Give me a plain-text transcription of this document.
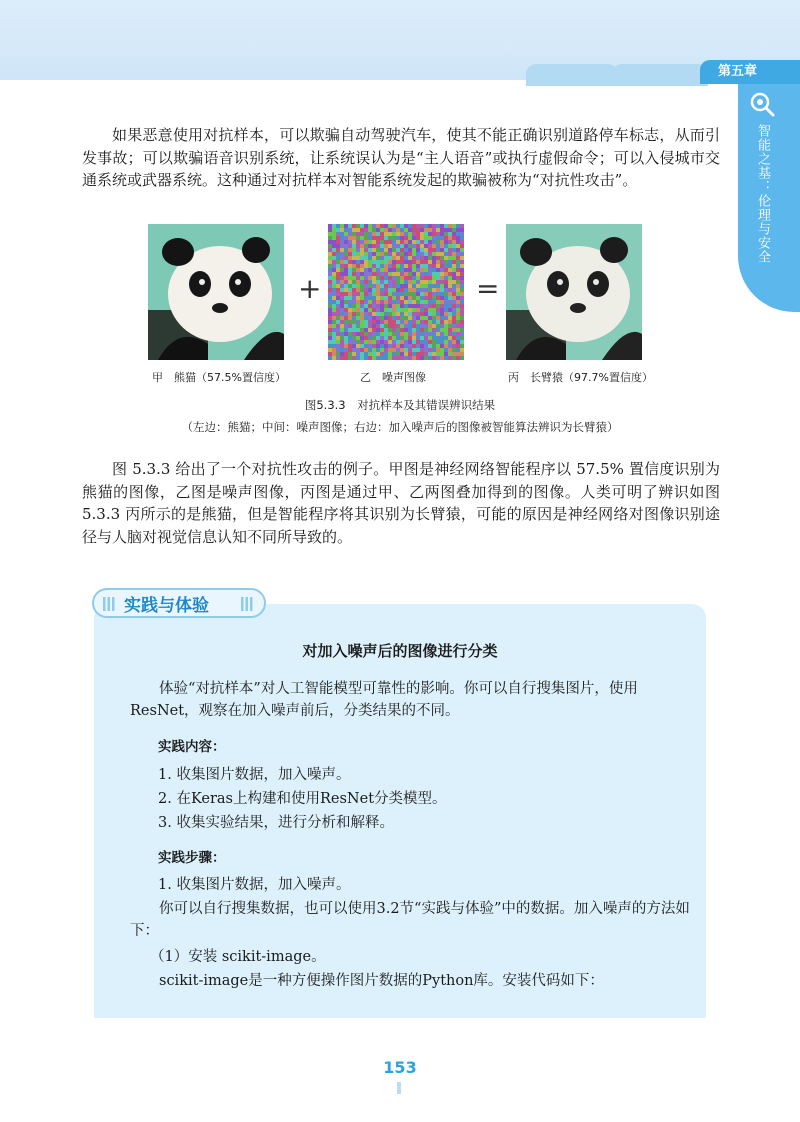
第五章
智能之基：伦理与安全

如果恶意使用对抗样本，可以欺骗自动驾驶汽车，使其不能正确识别道路停车标志，从而引发事故；可以欺骗语音识别系统，让系统误认为是“主人语音”或执行虚假命令；可以入侵城市交通系统或武器系统。这种通过对抗样本对智能系统发起的欺骗被称为“对抗性攻击”。

+	=
甲　熊猫（57.5%置信度）	乙　噪声图像	丙　长臂猿（97.7%置信度）
图5.3.3　对抗样本及其错误辨识结果
（左边：熊猫；中间：噪声图像；右边：加入噪声后的图像被智能算法辨识为长臂猿）

图 5.3.3 给出了一个对抗性攻击的例子。甲图是神经网络智能程序以 57.5% 置信度识别为熊猫的图像，乙图是噪声图像，丙图是通过甲、乙两图叠加得到的图像。人类可明了辨识如图 5.3.3 丙所示的是熊猫，但是智能程序将其识别为长臂猿，可能的原因是神经网络对图像识别途径与人脑对视觉信息认知不同所导致的。

实践与体验
对加入噪声后的图像进行分类

体验“对抗样本”对人工智能模型可靠性的影响。你可以自行搜集图片，使用ResNet，观察在加入噪声前后，分类结果的不同。

实践内容：

1. 收集图片数据，加入噪声。

2. 在Keras上构建和使用ResNet分类模型。

3. 收集实验结果，进行分析和解释。

实践步骤：

1. 收集图片数据，加入噪声。

你可以自行搜集数据，也可以使用3.2节“实践与体验”中的数据。加入噪声的方法如下：

（1）安装 scikit-image。

scikit-image是一种方便操作图片数据的Python库。安装代码如下：

153
